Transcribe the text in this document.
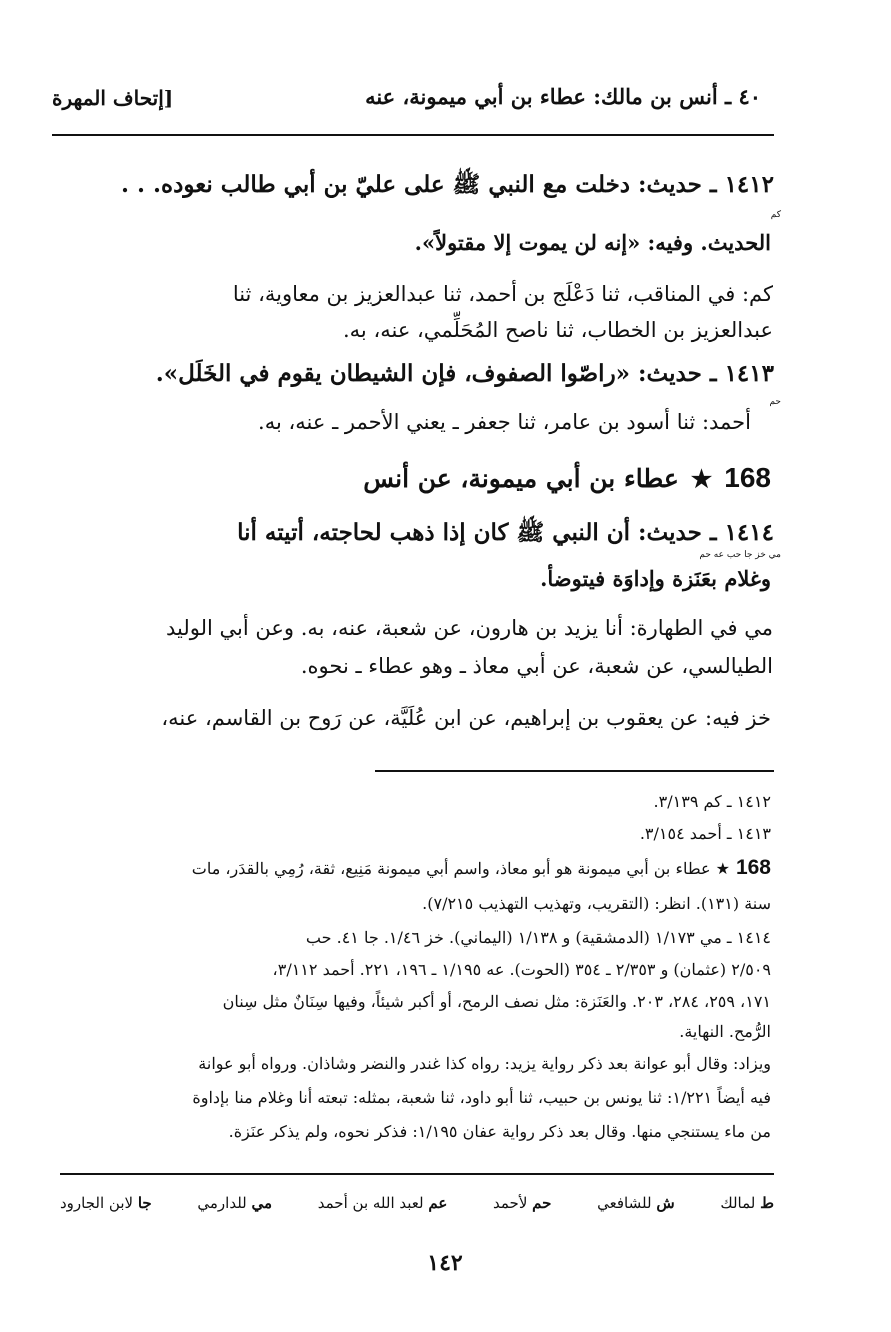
٤٠ ـ أنس بن مالك: عطاء بن أبي ميمونة، عنه
[إتحاف المهرة
١٤١٢ ـ حديث: دخلت مع النبي ﷺ على عليّ بن أبي طالب نعوده. . .
كم
الحديث. وفيه: «إنه لن يموت إلا مقتولاً».
كم: في المناقب، ثنا دَعْلَج بن أحمد، ثنا عبدالعزيز بن معاوية، ثنا
عبدالعزيز بن الخطاب، ثنا ناصح المُحَلِّمي، عنه، به.
١٤١٣ ـ حديث: «راصّوا الصفوف، فإن الشيطان يقوم في الخَلَل».
حم
أحمد: ثنا أسود بن عامر، ثنا جعفر ـ يعني الأحمر ـ عنه، به.
168
★
عطاء بن أبي ميمونة، عن أنس
١٤١٤ ـ حديث: أن النبي ﷺ كان إذا ذهب لحاجته، أتيته أنا
مي خز جا حب عه حم
وغلام بعَنَزة وإداوَة فيتوضأ.
مي في الطهارة: أنا يزيد بن هارون، عن شعبة، عنه، به. وعن أبي الوليد
الطيالسي، عن شعبة، عن أبي معاذ ـ وهو عطاء ـ نحوه.
خز فيه: عن يعقوب بن إبراهيم، عن ابن عُلَيَّة، عن رَوح بن القاسم، عنه،
١٤١٢ ـ كم ٣/١٣٩.
١٤١٣ ـ أحمد ٣/١٥٤.
168
★ عطاء بن أبي ميمونة هو أبو معاذ، واسم أبي ميمونة مَنِيع، ثقة، رُمِي بالقدَر، مات
سنة (١٣١). انظر: (التقريب، وتهذيب التهذيب ٧/٢١٥).
١٤١٤ ـ مي ١/١٧٣ (الدمشقية) و ١/١٣٨ (اليماني). خز ١/٤٦. جا ٤١. حب
٢/٥٠٩ (عثمان) و ٢/٣٥٣ ـ ٣٥٤ (الحوت). عه ١/١٩٥ ـ ١٩٦، ٢٢١. أحمد ٣/١١٢،
١٧١، ٢٥٩، ٢٨٤، ٢٠٣. والعَنَزة: مثل نصف الرمح، أو أكبر شيئاً، وفيها سِنَانٌ مثل سِنان
الرُّمح. النهاية.
ويزاد: وقال أبو عوانة بعد ذكر رواية يزيد: رواه كذا غندر والنضر وشاذان. ورواه أبو عوانة
فيه أيضاً ١/٢٢١: ثنا يونس بن حبيب، ثنا أبو داود، ثنا شعبة، بمثله: تبعته أنا وغلام منا بإداوة
من ماء يستنجي منها. وقال بعد ذكر رواية عفان ١/١٩٥: فذكر نحوه، ولم يذكر عنَزة.
ط لمالك
ش للشافعي
حم لأحمد
عم لعبد الله بن أحمد
مي للدارمي
جا لابن الجارود
١٤٢
